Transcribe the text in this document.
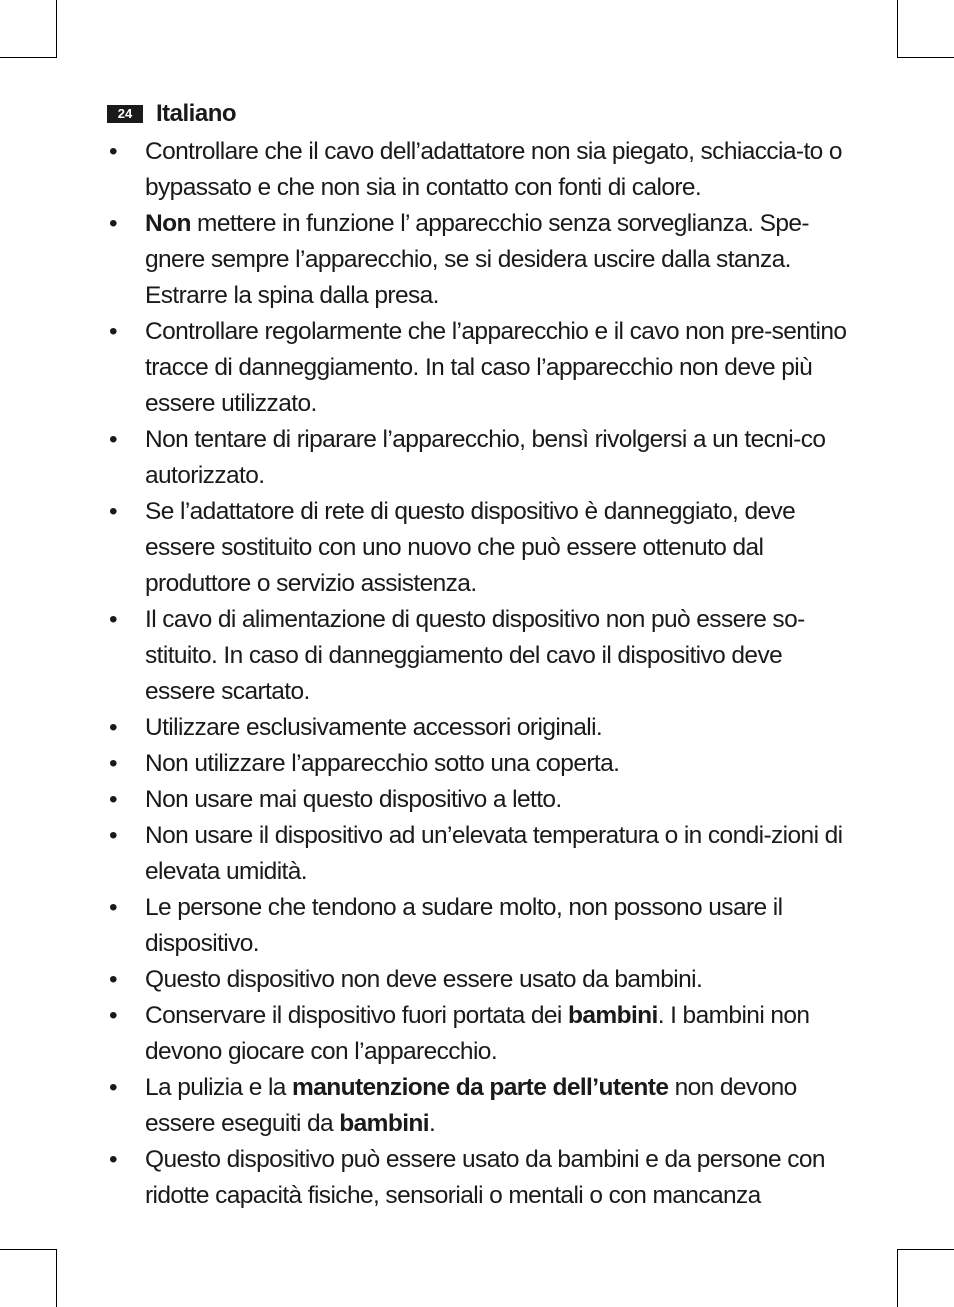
24 Italiano
• Controllare che il cavo dell’adattatore non sia piegato, schiaccia-to o bypassato e che non sia in contatto con fonti di calore.
• Non mettere in funzione l’ apparecchio senza sorveglianza. Spe-gnere sempre l’apparecchio, se si desidera uscire dalla stanza. Estrarre la spina dalla presa.
• Controllare regolarmente che l’apparecchio e il cavo non pre-sentino tracce di danneggiamento. In tal caso l’apparecchio non deve più essere utilizzato.
• Non tentare di riparare l’apparecchio, bensì rivolgersi a un tecni-co autorizzato.
• Se l’adattatore di rete di questo dispositivo è danneggiato, deve essere sostituito con uno nuovo che può essere ottenuto dal produttore o servizio assistenza.
• Il cavo di alimentazione di questo dispositivo non può essere so-stituito. In caso di danneggiamento del cavo il dispositivo deve essere scartato.
• Utilizzare esclusivamente accessori originali.
• Non utilizzare l’apparecchio sotto una coperta.
• Non usare mai questo dispositivo a letto.
• Non usare il dispositivo ad un’elevata temperatura o in condi-zioni di elevata umidità.
• Le persone che tendono a sudare molto, non possono usare il dispositivo.
• Questo dispositivo non deve essere usato da bambini.
• Conservare il dispositivo fuori portata dei bambini. I bambini non devono giocare con l’apparecchio.
• La pulizia e la manutenzione da parte dell’utente non devono essere eseguiti da bambini.
• Questo dispositivo può essere usato da bambini e da persone con ridotte capacità fisiche, sensoriali o mentali o con mancanza
